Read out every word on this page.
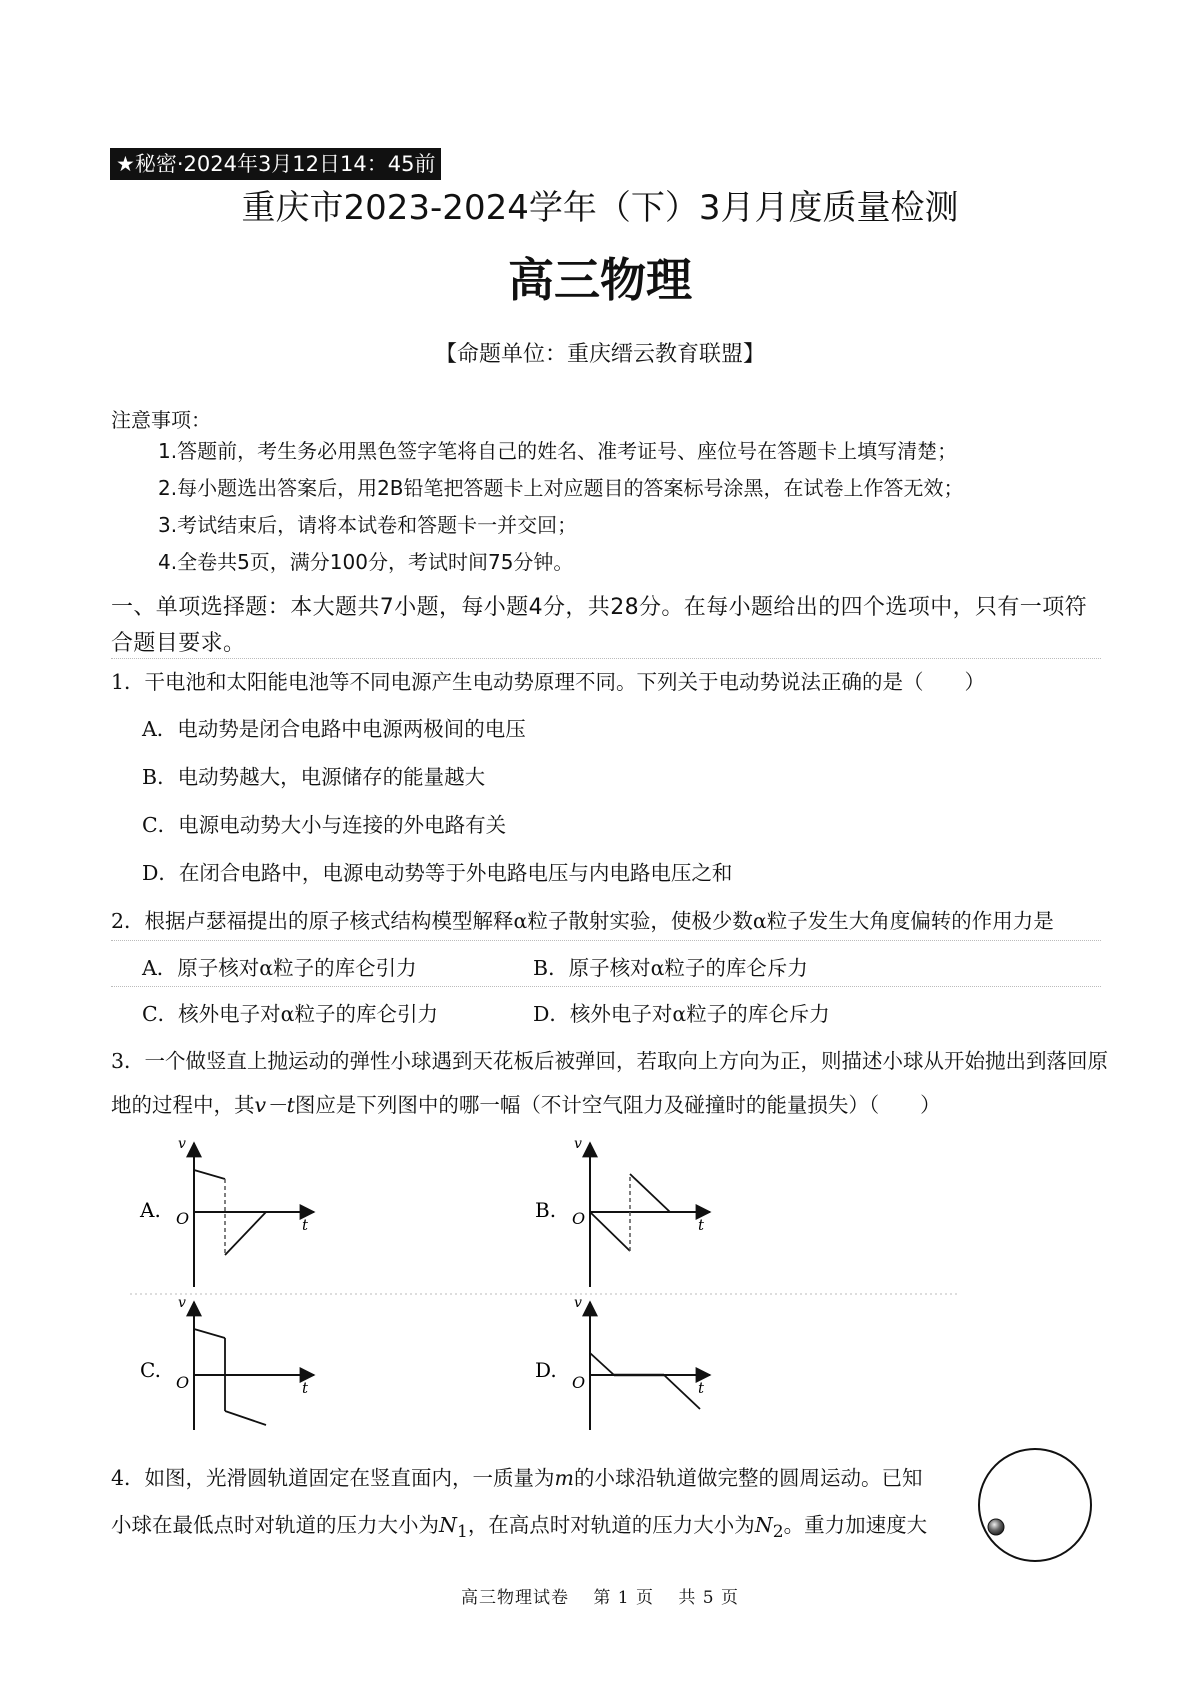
★秘密·2024年3月12日14：45前
重庆市2023-2024学年（下）3月月度质量检测
高三物理
【命题单位：重庆缙云教育联盟】
注意事项：
1.答题前，考生务必用黑色签字笔将自己的姓名、准考证号、座位号在答题卡上填写清楚；
2.每小题选出答案后，用2B铅笔把答题卡上对应题目的答案标号涂黑，在试卷上作答无效；
3.考试结束后，请将本试卷和答题卡一并交回；
4.全卷共5页，满分100分，考试时间75分钟。
一、单项选择题：本大题共7小题，每小题4分，共28分。在每小题给出的四个选项中，只有一项符合题目要求。
1．干电池和太阳能电池等不同电源产生电动势原理不同。下列关于电动势说法正确的是（　　）
A．电动势是闭合电路中电源两极间的电压
B．电动势越大，电源储存的能量越大
C．电源电动势大小与连接的外电路有关
D．在闭合电路中，电源电动势等于外电路电压与内电路电压之和
2．根据卢瑟福提出的原子核式结构模型解释α粒子散射实验，使极少数α粒子发生大角度偏转的作用力是
A．原子核对α粒子的库仑引力	B．原子核对α粒子的库仑斥力
C．核外电子对α粒子的库仑引力	D．核外电子对α粒子的库仑斥力
3．一个做竖直上抛运动的弹性小球遇到天花板后被弹回，若取向上方向为正，则描述小球从开始抛出到落回原地的过程中，其v－t图应是下列图中的哪一幅（不计空气阻力及碰撞时的能量损失）（　　）
A.
v
t
O	B.
v
t
O
C.
v
t
O
D.
v
t
O
4．如图，光滑圆轨道固定在竖直面内，一质量为m的小球沿轨道做完整的圆周运动。已知
小球在最低点时对轨道的压力大小为$N_1$，在高点时对轨道的压力大小为$N_2$。重力加速度大
高三物理试卷　 第 1 页　 共 5 页
